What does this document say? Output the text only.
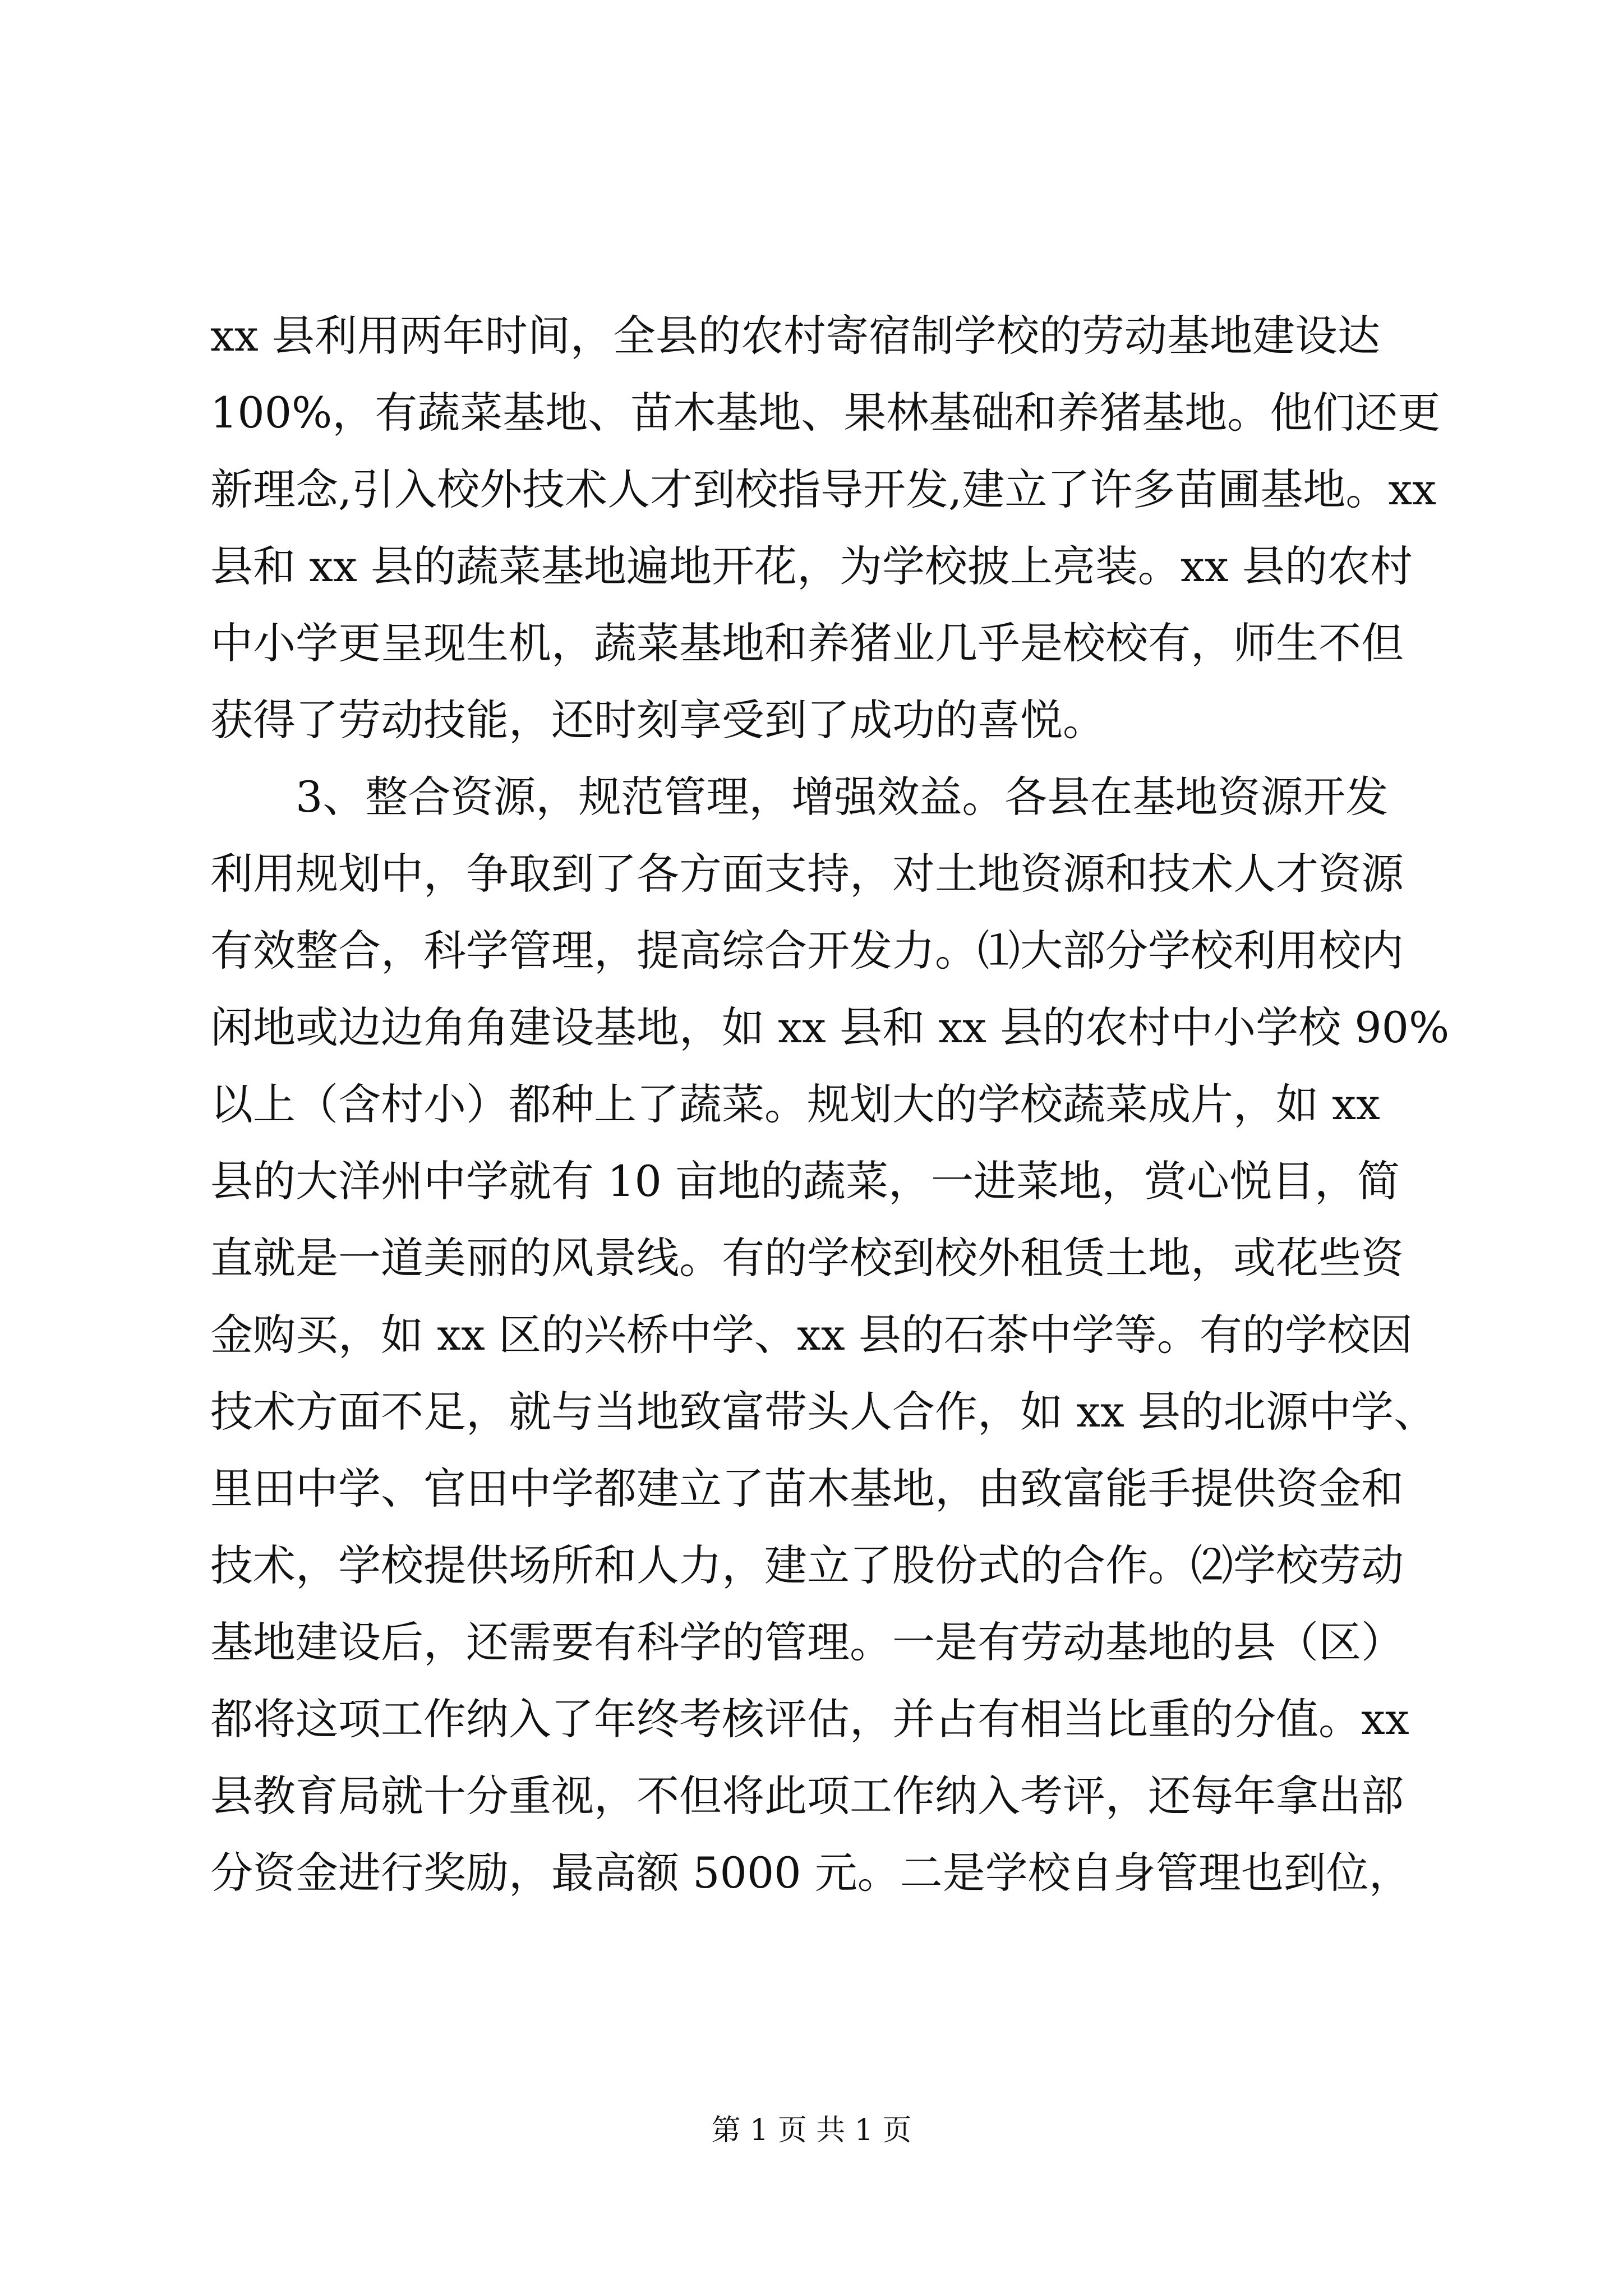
xx 县利用两年时间，全县的农村寄宿制学校的劳动基地建设达

100%，有蔬菜基地、苗木基地、果林基础和养猪基地。他们还更

新理念,引入校外技术人才到校指导开发,建立了许多苗圃基地。xx

县和 xx 县的蔬菜基地遍地开花，为学校披上亮装。xx 县的农村

中小学更呈现生机，蔬菜基地和养猪业几乎是校校有，师生不但

获得了劳动技能，还时刻享受到了成功的喜悦。

　　3、整合资源，规范管理，增强效益。各县在基地资源开发

利用规划中，争取到了各方面支持，对土地资源和技术人才资源

有效整合，科学管理，提高综合开发力。⑴大部分学校利用校内

闲地或边边角角建设基地，如 xx 县和 xx 县的农村中小学校 90%

以上（含村小）都种上了蔬菜。规划大的学校蔬菜成片，如 xx

县的大洋州中学就有 10 亩地的蔬菜，一进菜地，赏心悦目，简

直就是一道美丽的风景线。有的学校到校外租赁土地，或花些资

金购买，如 xx 区的兴桥中学、xx 县的石茶中学等。有的学校因

技术方面不足，就与当地致富带头人合作，如 xx 县的北源中学、

里田中学、官田中学都建立了苗木基地，由致富能手提供资金和

技术，学校提供场所和人力，建立了股份式的合作。⑵学校劳动

基地建设后，还需要有科学的管理。一是有劳动基地的县（区）

都将这项工作纳入了年终考核评估，并占有相当比重的分值。xx

县教育局就十分重视，不但将此项工作纳入考评，还每年拿出部

分资金进行奖励，最高额 5000 元。二是学校自身管理也到位，

第 1 页 共 1 页
